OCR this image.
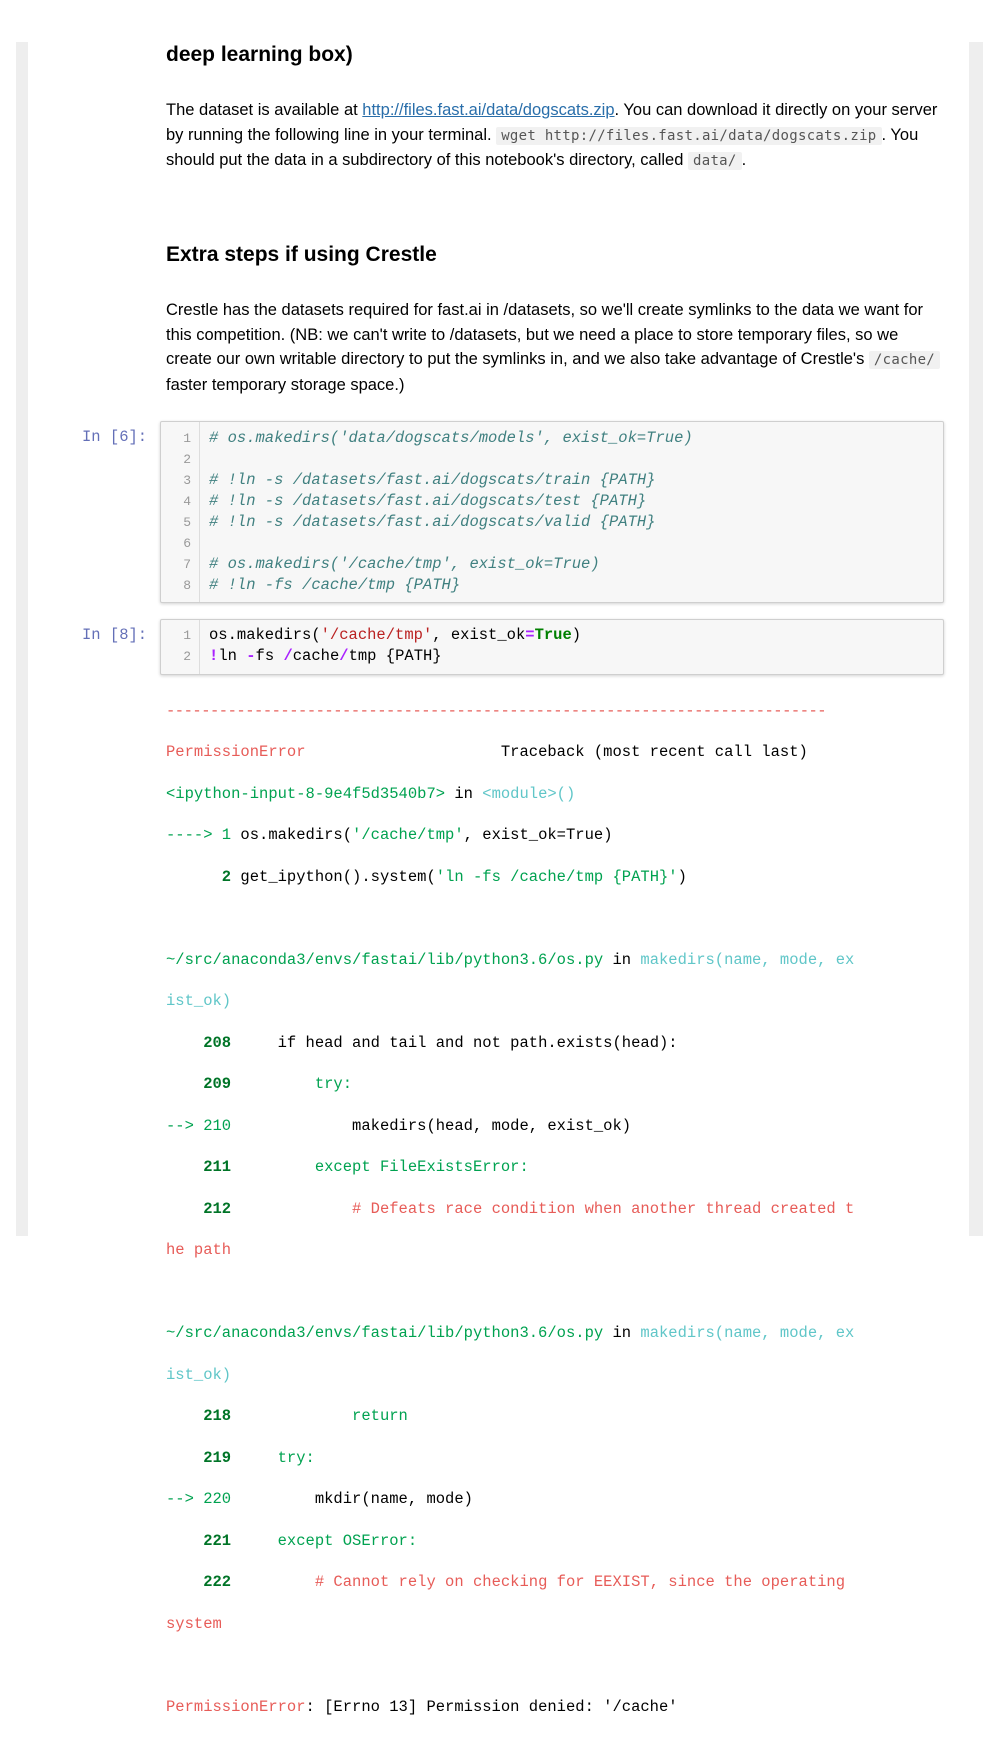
deep learning box)

The dataset is available at http://files.fast.ai/data/dogscats.zip. You can download it directly on your server by running the following line in your terminal. wget http://files.fast.ai/data/dogscats.zip . You should put the data in a subdirectory of this notebook's directory, called data/ .

Extra steps if using Crestle

Crestle has the datasets required for fast.ai in /datasets, so we'll create symlinks to the data we want for this competition. (NB: we can't write to /datasets, but we need a place to store temporary files, so we create our own writable directory to put the symlinks in, and we also take advantage of Crestle's /cache/ faster temporary storage space.)

In [6]:	1 # os.makedirs('data/dogscats/models', exist_ok=True)
2
3 # !ln -s /datasets/fast.ai/dogscats/train {PATH}
4 # !ln -s /datasets/fast.ai/dogscats/test {PATH}
5 # !ln -s /datasets/fast.ai/dogscats/valid {PATH}
6
7 # os.makedirs('/cache/tmp', exist_ok=True)
8 # !ln -fs /cache/tmp {PATH}
In [8]:	1 os.makedirs('/cache/tmp', exist_ok=True)
2 !ln -fs /cache/tmp {PATH}

---------------------------------------------------------------------------

PermissionError                     Traceback (most recent call last)

<ipython-input-8-9e4f5d3540b7> in <module>()

----> 1 os.makedirs('/cache/tmp', exist_ok=True)

2 get_ipython().system('ln -fs /cache/tmp {PATH}')

~/src/anaconda3/envs/fastai/lib/python3.6/os.py in makedirs(name, mode, ex

ist_ok)

208     if head and tail and not path.exists(head):

209         try:

--> 210             makedirs(head, mode, exist_ok)

211         except FileExistsError:

212             # Defeats race condition when another thread created t

he path

~/src/anaconda3/envs/fastai/lib/python3.6/os.py in makedirs(name, mode, ex

ist_ok)

218             return

219     try:

--> 220         mkdir(name, mode)

221     except OSError:

222         # Cannot rely on checking for EEXIST, since the operating

system

PermissionError: [Errno 13] Permission denied: '/cache'
